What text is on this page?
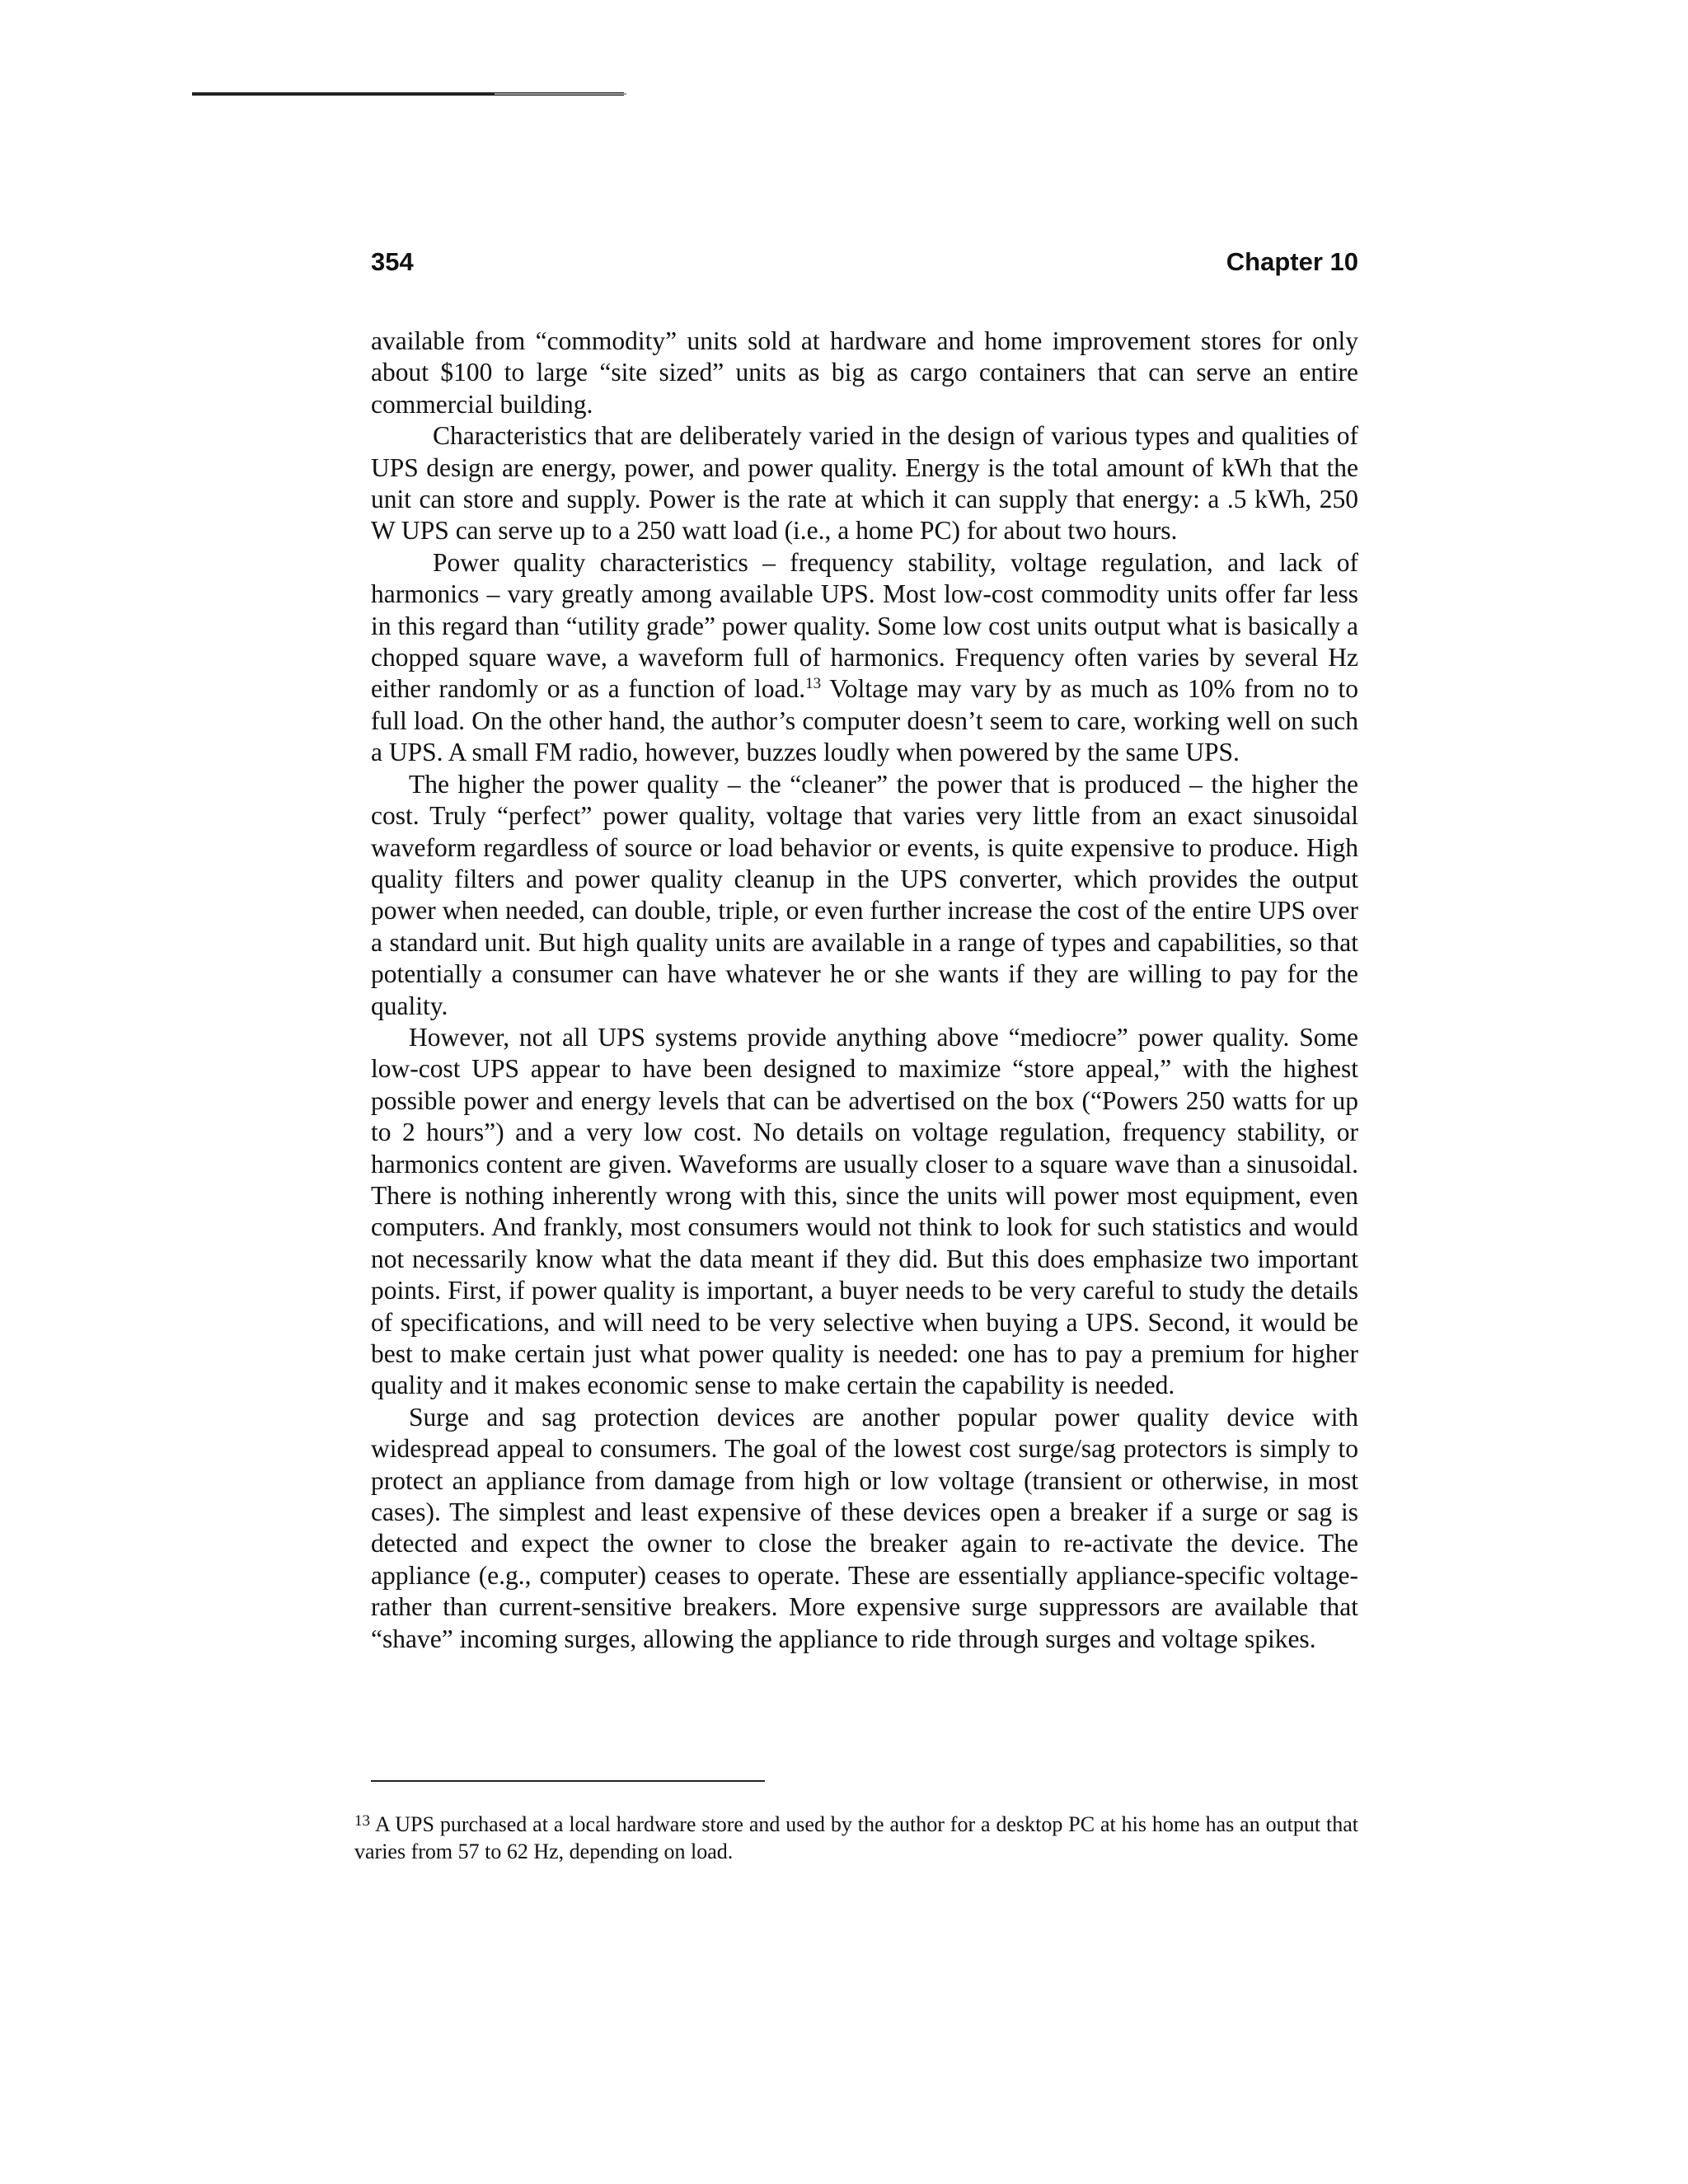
354	Chapter 10

available from “commodity” units sold at hardware and home improvement stores for only about $100 to large “site sized” units as big as cargo containers that can serve an entire commercial building.

Characteristics that are deliberately varied in the design of various types and qualities of UPS design are energy, power, and power quality. Energy is the total amount of kWh that the unit can store and supply. Power is the rate at which it can supply that energy: a .5 kWh, 250 W UPS can serve up to a 250 watt load (i.e., a home PC) for about two hours.

Power quality characteristics – frequency stability, voltage regulation, and lack of harmonics – vary greatly among available UPS. Most low-cost commodity units offer far less in this regard than “utility grade” power quality. Some low cost units output what is basically a chopped square wave, a waveform full of harmonics. Frequency often varies by several Hz either randomly or as a function of load.$^{13}$ Voltage may vary by as much as 10% from no to full load. On the other hand, the author’s computer doesn’t seem to care, working well on such a UPS. A small FM radio, however, buzzes loudly when powered by the same UPS.

The higher the power quality – the “cleaner” the power that is produced – the higher the cost. Truly “perfect” power quality, voltage that varies very little from an exact sinusoidal waveform regardless of source or load behavior or events, is quite expensive to produce. High quality filters and power quality cleanup in the UPS converter, which provides the output power when needed, can double, triple, or even further increase the cost of the entire UPS over a standard unit. But high quality units are available in a range of types and capabilities, so that potentially a consumer can have whatever he or she wants if they are willing to pay for the quality.

However, not all UPS systems provide anything above “mediocre” power quality. Some low-cost UPS appear to have been designed to maximize “store appeal,” with the highest possible power and energy levels that can be advertised on the box (“Powers 250 watts for up to 2 hours”) and a very low cost. No details on voltage regulation, frequency stability, or harmonics content are given. Waveforms are usually closer to a square wave than a sinusoidal. There is nothing inherently wrong with this, since the units will power most equipment, even computers. And frankly, most consumers would not think to look for such statistics and would not necessarily know what the data meant if they did. But this does emphasize two important points. First, if power quality is important, a buyer needs to be very careful to study the details of specifications, and will need to be very selective when buying a UPS. Second, it would be best to make certain just what power quality is needed: one has to pay a premium for higher quality and it makes economic sense to make certain the capability is needed.

Surge and sag protection devices are another popular power quality device with widespread appeal to consumers. The goal of the lowest cost surge/sag protectors is simply to protect an appliance from damage from high or low voltage (transient or otherwise, in most cases). The simplest and least expensive of these devices open a breaker if a surge or sag is detected and expect the owner to close the breaker again to re-activate the device. The appliance (e.g., computer) ceases to operate. These are essentially appliance-specific voltage- rather than current-sensitive breakers. More expensive surge suppressors are available that “shave” incoming surges, allowing the appliance to ride through surges and voltage spikes.

$^{13}$ A UPS purchased at a local hardware store and used by the author for a desktop PC at his home has an output that varies from 57 to 62 Hz, depending on load.
